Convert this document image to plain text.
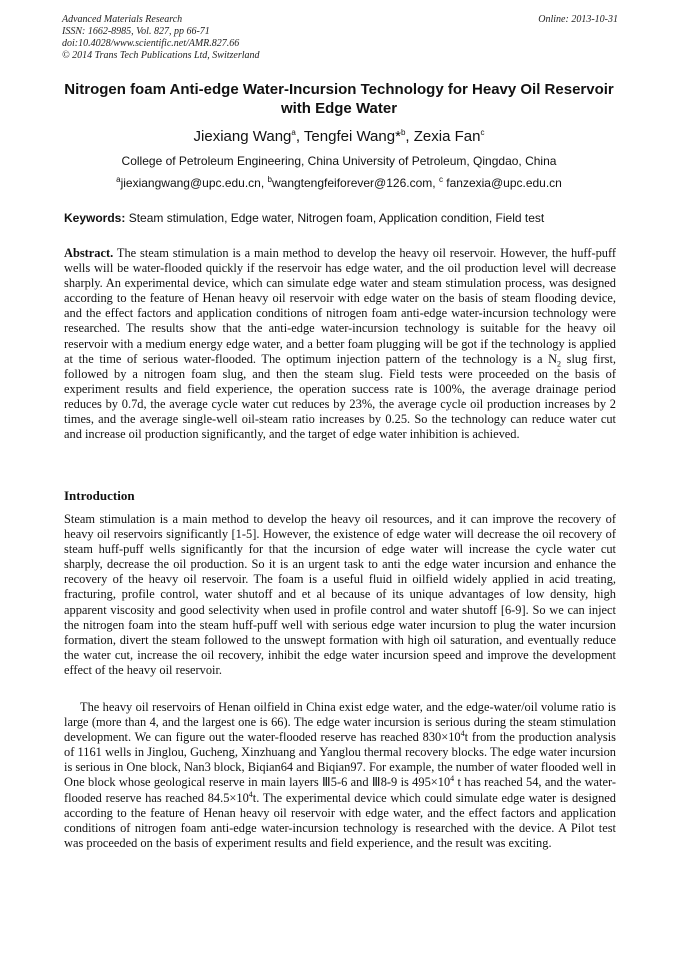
Advanced Materials Research
ISSN: 1662-8985, Vol. 827, pp 66-71
doi:10.4028/www.scientific.net/AMR.827.66
© 2014 Trans Tech Publications Ltd, Switzerland
Online: 2013-10-31
Nitrogen foam Anti-edge Water-Incursion Technology for Heavy Oil Reservoir with Edge Water
Jiexiang Wang$^a$, Tengfei Wang*$^b$, Zexia Fan$^c$
College of Petroleum Engineering, China University of Petroleum, Qingdao, China
$^a$jiexiangwang@upc.edu.cn, $^b$wangtengfeiforever@126.com, $^c$ fanzexia@upc.edu.cn
Keywords: Steam stimulation, Edge water, Nitrogen foam, Application condition, Field test

Abstract. The steam stimulation is a main method to develop the heavy oil reservoir. However, the huff-puff wells will be water-flooded quickly if the reservoir has edge water, and the oil production level will decrease sharply. An experimental device, which can simulate edge water and steam stimulation process, was designed according to the feature of Henan heavy oil reservoir with edge water on the basis of steam flooding device, and the effect factors and application conditions of nitrogen foam anti-edge water-incursion technology were researched. The results show that the anti-edge water-incursion technology is suitable for the heavy oil reservoir with a medium energy edge water, and a better foam plugging will be got if the technology is applied at the time of serious water-flooded. The optimum injection pattern of the technology is a $N_2$ slug first, followed by a nitrogen foam slug, and then the steam slug. Field tests were proceeded on the basis of experiment results and field experience, the operation success rate is 100%, the average drainage period reduces by 0.7d, the average cycle water cut reduces by 23%, the average cycle oil production increases by 2 times, and the average single-well oil-steam ratio increases by 0.25. So the technology can reduce water cut and increase oil production significantly, and the target of edge water inhibition is achieved.

Introduction

Steam stimulation is a main method to develop the heavy oil resources, and it can improve the recovery of heavy oil reservoirs significantly [1-5]. However, the existence of edge water will decrease the oil recovery of steam huff-puff wells significantly for that the incursion of edge water will increase the cycle water cut sharply, decrease the oil production. So it is an urgent task to anti the edge water incursion and enhance the recovery of the heavy oil reservoir. The foam is a useful fluid in oilfield widely applied in acid treating, fracturing, profile control, water shutoff and et al because of its unique advantages of low density, high apparent viscosity and good selectivity when used in profile control and water shutoff [6-9]. So we can inject the nitrogen foam into the steam huff-puff well with serious edge water incursion to plug the water incursion formation, divert the steam followed to the unswept formation with high oil saturation, and eventually reduce the water cut, increase the oil recovery, inhibit the edge water incursion speed and improve the development effect of the heavy oil reservoir.

The heavy oil reservoirs of Henan oilfield in China exist edge water, and the edge-water/oil volume ratio is large (more than 4, and the largest one is 66). The edge water incursion is serious during the steam stimulation development. We can figure out the water-flooded reserve has reached $830\times 10^4t$ from the production analysis of 1161 wells in Jinglou, Gucheng, Xinzhuang and Yanglou thermal recovery blocks. The edge water incursion is serious in One block, Nan3 block, Biqian64 and Biqian97. For example, the number of water flooded well in One block whose geological reserve in main layers Ⅲ5-6 and Ⅲ8-9 is $495\times 10^4$ t has reached 54, and the water-flooded reserve has reached $84.5\times 10^4t$. The experimental device which could simulate edge water is designed according to the feature of Henan heavy oil reservoir with edge water, and the effect factors and application conditions of nitrogen foam anti-edge water-incursion technology is researched with the device. A Pilot test was proceeded on the basis of experiment results and field experience, and the result was exciting.
